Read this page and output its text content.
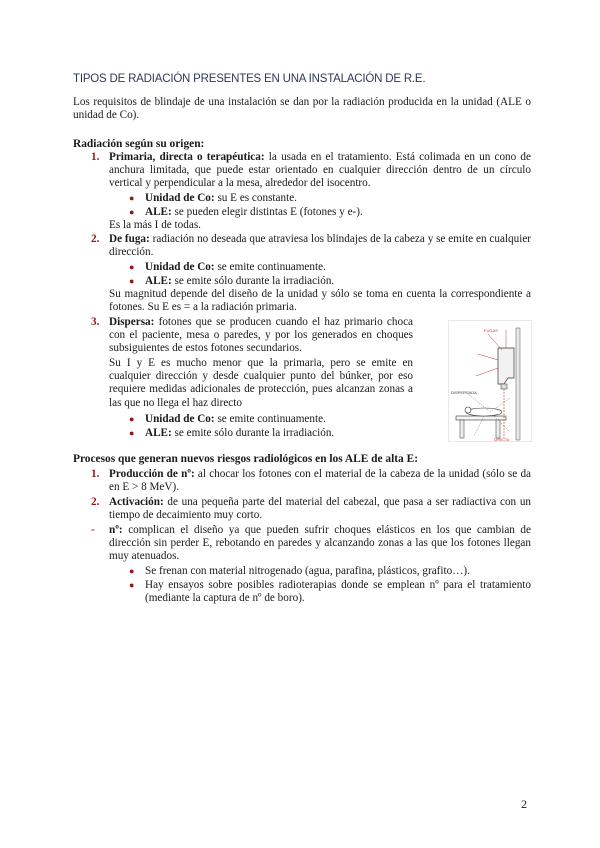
TIPOS DE RADIACIÓN PRESENTES EN UNA INSTALACIÓN DE R.E.
Los requisitos de blindaje de una instalación se dan por la radiación producida en la unidad (ALE o unidad de Co).
Radiación según su origen:
1. Primaria, directa o terapéutica: la usada en el tratamiento. Está colimada en un cono de anchura limitada, que puede estar orientado en cualquier dirección dentro de un círculo vertical y perpendicular a la mesa, alrededor del isocentro.
● Unidad de Co: su E es constante.
● ALE: se pueden elegir distintas E (fotones y e-).
Es la más I de todas.
2. De fuga: radiación no deseada que atraviesa los blindajes de la cabeza y se emite en cualquier dirección.
● Unidad de Co: se emite continuamente.
● ALE: se emite sólo durante la irradiación.
Su magnitud depende del diseño de la unidad y sólo se toma en cuenta la correspondiente a fotones. Su E es = a la radiación primaria.
3. Dispersa: fotones que se producen cuando el haz primario choca con el paciente, mesa o paredes, y por los generados en choques subsiguientes de estos fotones secundarios.
Su I y E es mucho menor que la primaria, pero se emite en cualquier dirección y desde cualquier punto del búnker, por eso requiere medidas adicionales de protección, pues alcanzan zonas a las que no llega el haz directo
● Unidad de Co: se emite continuamente.
● ALE: se emite sólo durante la irradiación.
FUGAS
DISPERSADA
DIRECTA
Procesos que generan nuevos riesgos radiológicos en los ALE de alta E:
1. Producción de nº: al chocar los fotones con el material de la cabeza de la unidad (sólo se da en E > 8 MeV).
2. Activación: de una pequeña parte del material del cabezal, que pasa a ser radiactiva con un tiempo de decaimiento muy corto.
- nº: complican el diseño ya que pueden sufrir choques elásticos en los que cambian de dirección sin perder E, rebotando en paredes y alcanzando zonas a las que los fotones llegan muy atenuados.
● Se frenan con material nitrogenado (agua, parafina, plásticos, grafito…).
● Hay ensayos sobre posibles radioterapias donde se emplean nº para el tratamiento (mediante la captura de nº de boro).
2
